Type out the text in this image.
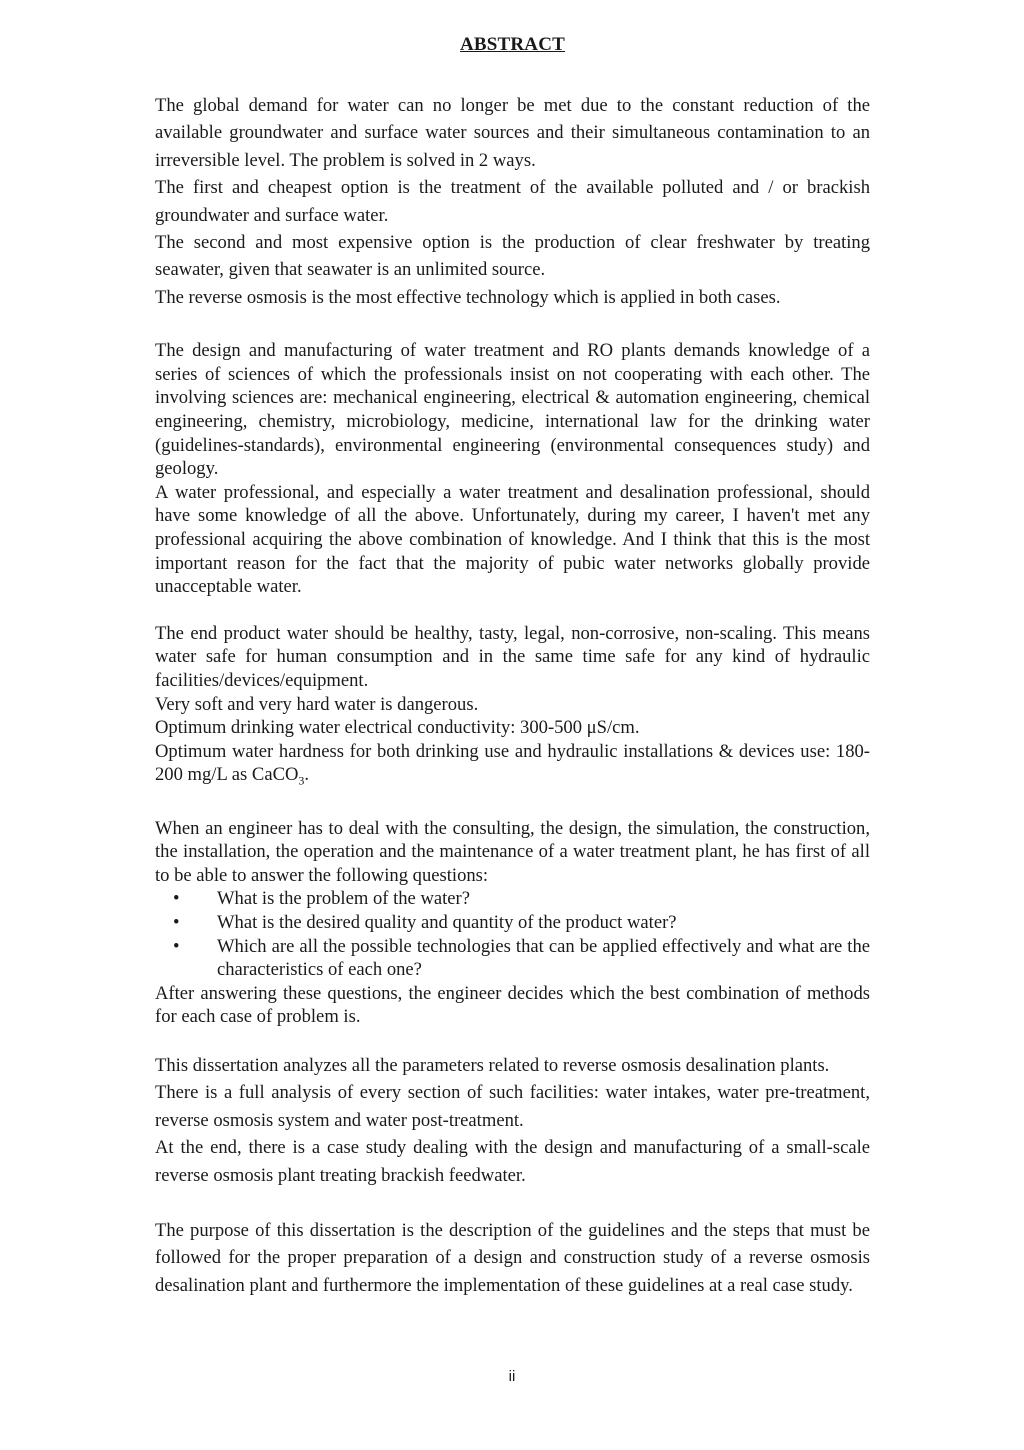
ABSTRACT

The global demand for water can no longer be met due to the constant reduction of the available groundwater and surface water sources and their simultaneous contamination to an irreversible level. The problem is solved in 2 ways.

The first and cheapest option is the treatment of the available polluted and / or brackish groundwater and surface water.

The second and most expensive option is the production of clear freshwater by treating seawater, given that seawater is an unlimited source.

The reverse osmosis is the most effective technology which is applied in both cases.

The design and manufacturing of water treatment and RO plants demands knowledge of a series of sciences of which the professionals insist on not cooperating with each other. The involving sciences are: mechanical engineering, electrical & automation engineering, chemical engineering, chemistry, microbiology, medicine, international law for the drinking water (guidelines-standards), environmental engineering (environmental consequences study) and geology.

A water professional, and especially a water treatment and desalination professional, should have some knowledge of all the above. Unfortunately, during my career, I haven't met any professional acquiring the above combination of knowledge. And I think that this is the most important reason for the fact that the majority of pubic water networks globally provide unacceptable water.

The end product water should be healthy, tasty, legal, non-corrosive, non-scaling. This means water safe for human consumption and in the same time safe for any kind of hydraulic facilities/devices/equipment.

Very soft and very hard water is dangerous.

Optimum drinking water electrical conductivity: 300-500 μS/cm.

Optimum water hardness for both drinking use and hydraulic installations & devices use: 180-200 mg/L as CaCO$_3$.

When an engineer has to deal with the consulting, the design, the simulation, the construction, the installation, the operation and the maintenance of a water treatment plant, he has first of all to be able to answer the following questions:

• What is the problem of the water?
• What is the desired quality and quantity of the product water?
• Which are all the possible technologies that can be applied effectively and what are the characteristics of each one?

After answering these questions, the engineer decides which the best combination of methods for each case of problem is.

This dissertation analyzes all the parameters related to reverse osmosis desalination plants.

There is a full analysis of every section of such facilities: water intakes, water pre-treatment, reverse osmosis system and water post-treatment.

At the end, there is a case study dealing with the design and manufacturing of a small-scale reverse osmosis plant treating brackish feedwater.

The purpose of this dissertation is the description of the guidelines and the steps that must be followed for the proper preparation of a design and construction study of a reverse osmosis desalination plant and furthermore the implementation of these guidelines at a real case study.

ii
